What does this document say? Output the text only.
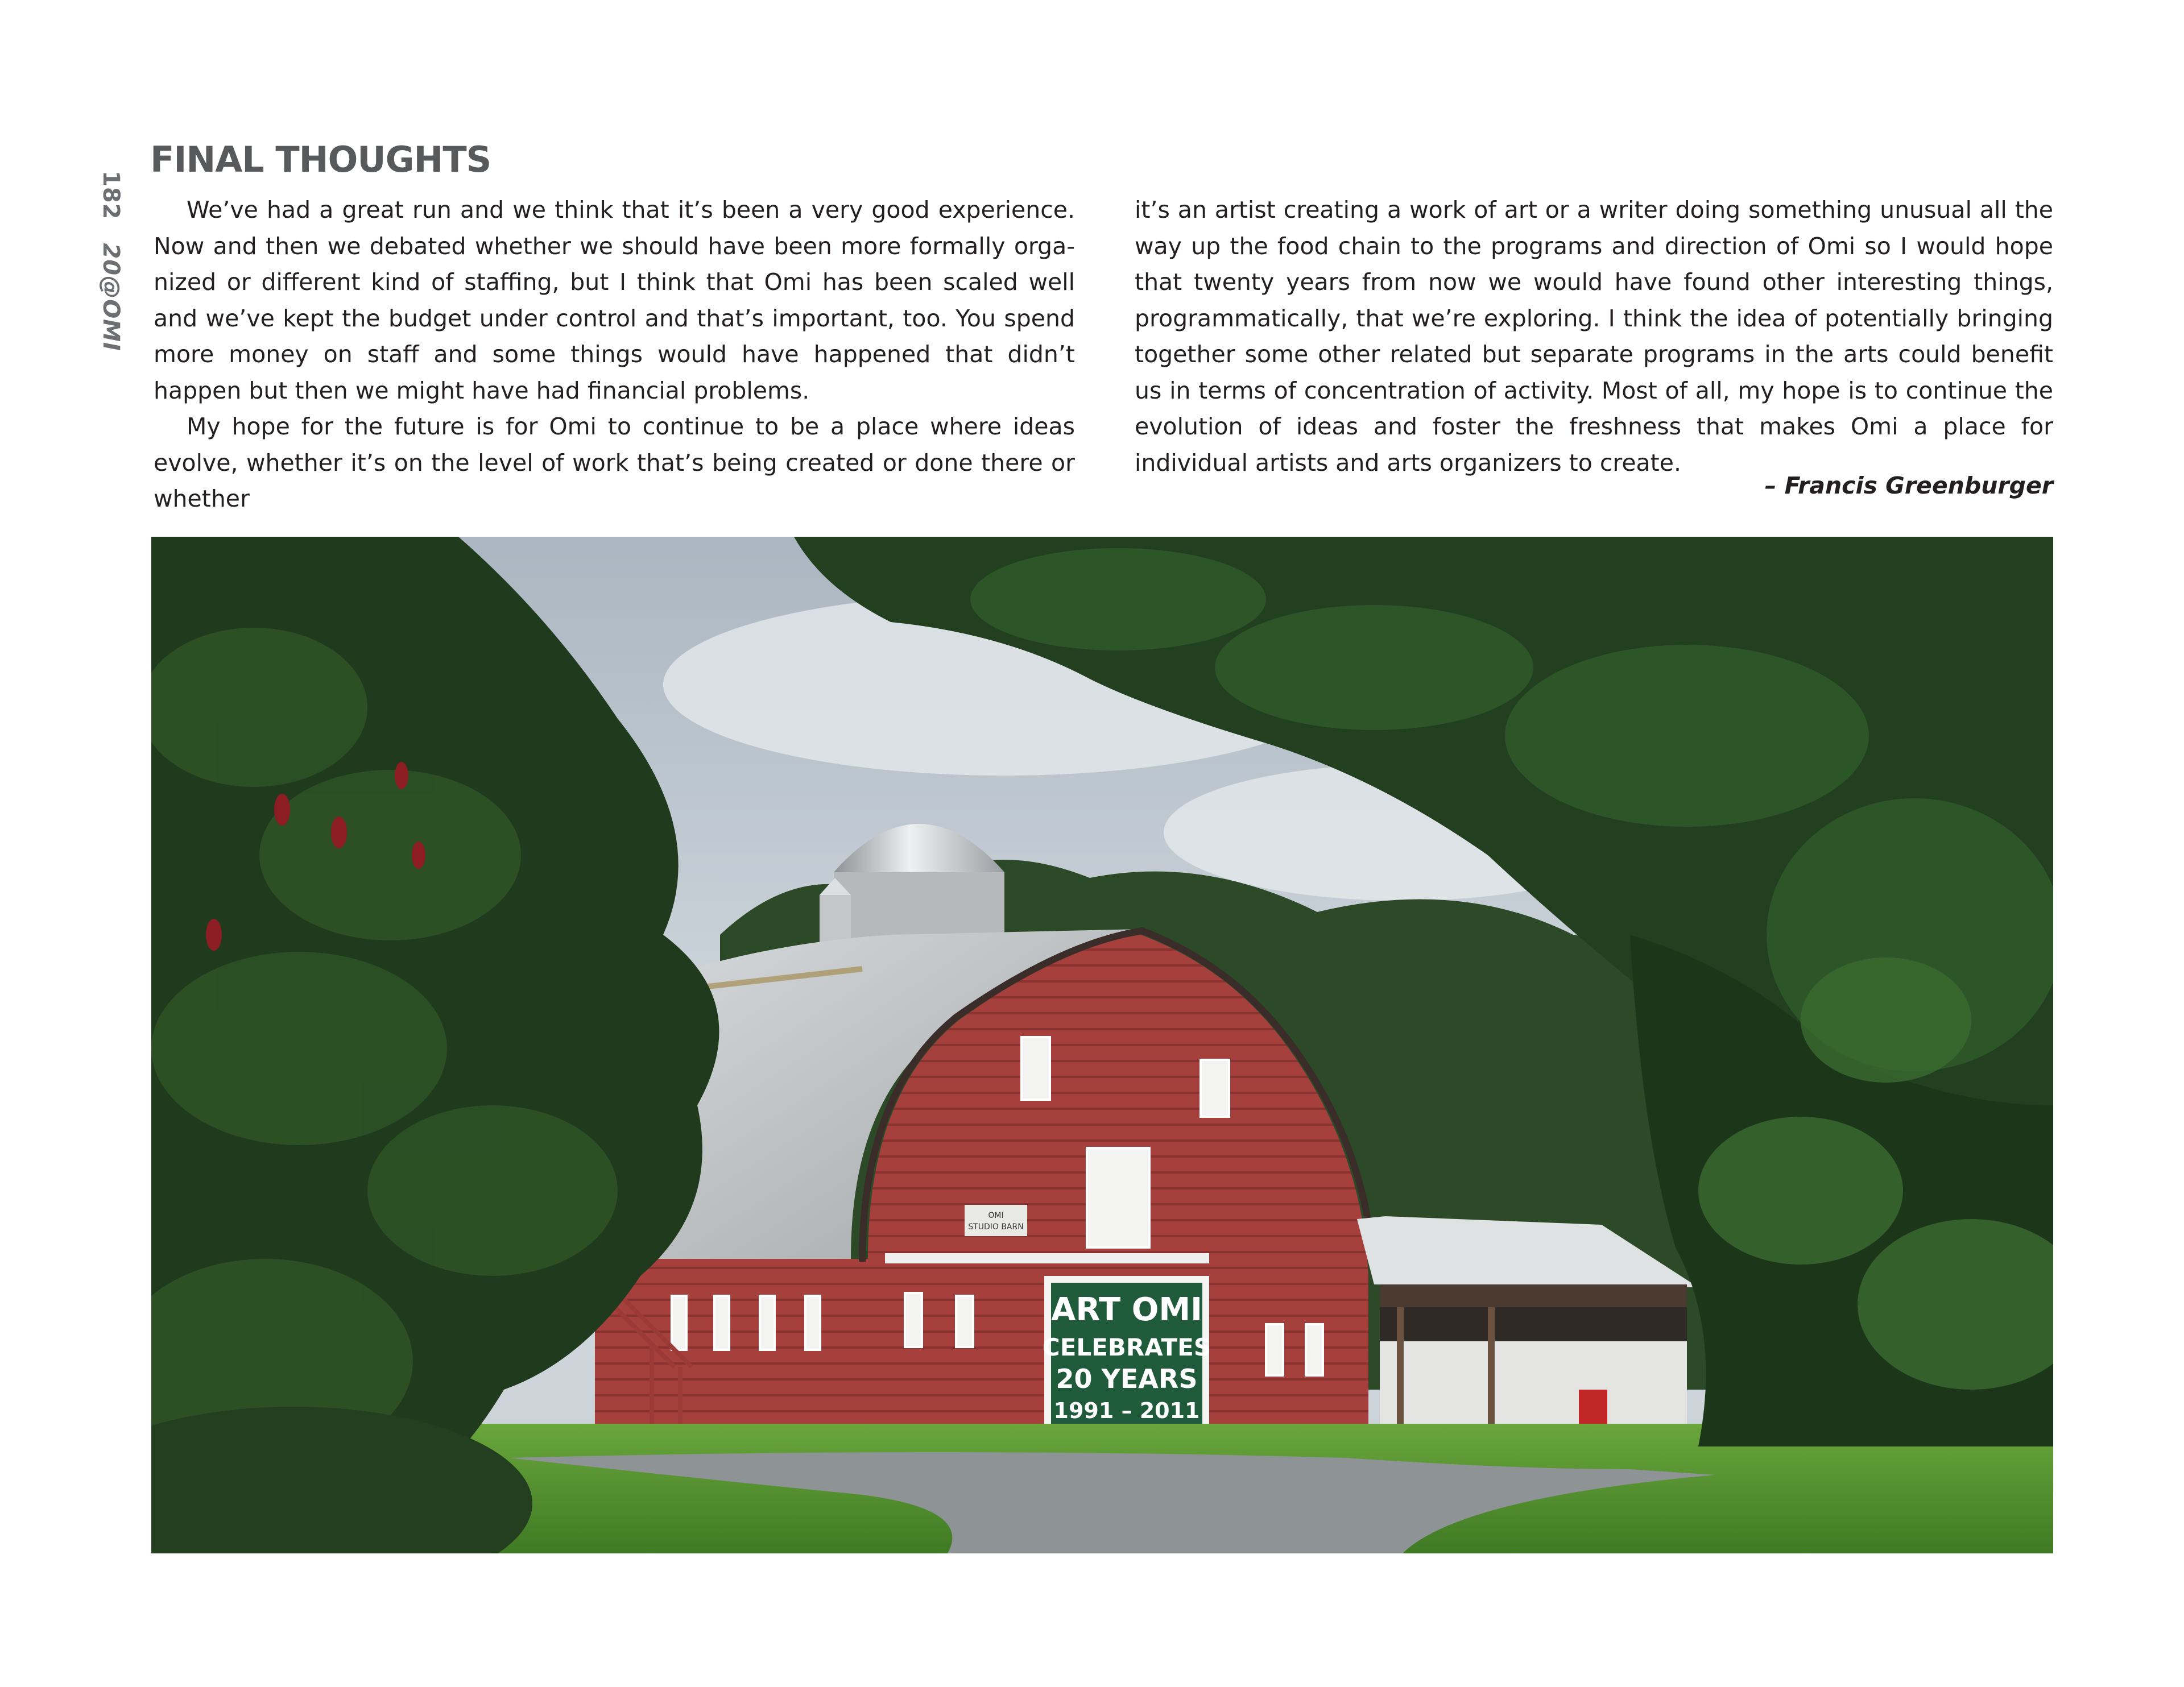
182 20@OMI
FINAL THOUGHTS

We’ve had a great run and we think that it’s been a very good experience. Now and then we debated whether we should have been more formally organized or different kind of staffing, but I think that Omi has been scaled well and we’ve kept the budget under control and that’s important, too. You spend more money on staff and some things would have happened that didn’t happen but then we might have had financial problems.

My hope for the future is for Omi to continue to be a place where ideas evolve, whether it’s on the level of work that’s being created or done there or whether

it’s an artist creating a work of art or a writer doing something unusual all the way up the food chain to the programs and direction of Omi so I would hope that twenty years from now we would have found other interesting things, programmatically, that we’re exploring. I think the idea of potentially bringing together some other related but separate programs in the arts could benefit us in terms of concentration of activity. Most of all, my hope is to continue the evolution of ideas and foster the freshness that makes Omi a place for individual artists and arts organizers to create.

– Francis Greenburger
OMI
STUDIO BARN
ART OMI
CELEBRATES
20 YEARS
1991 – 2011
